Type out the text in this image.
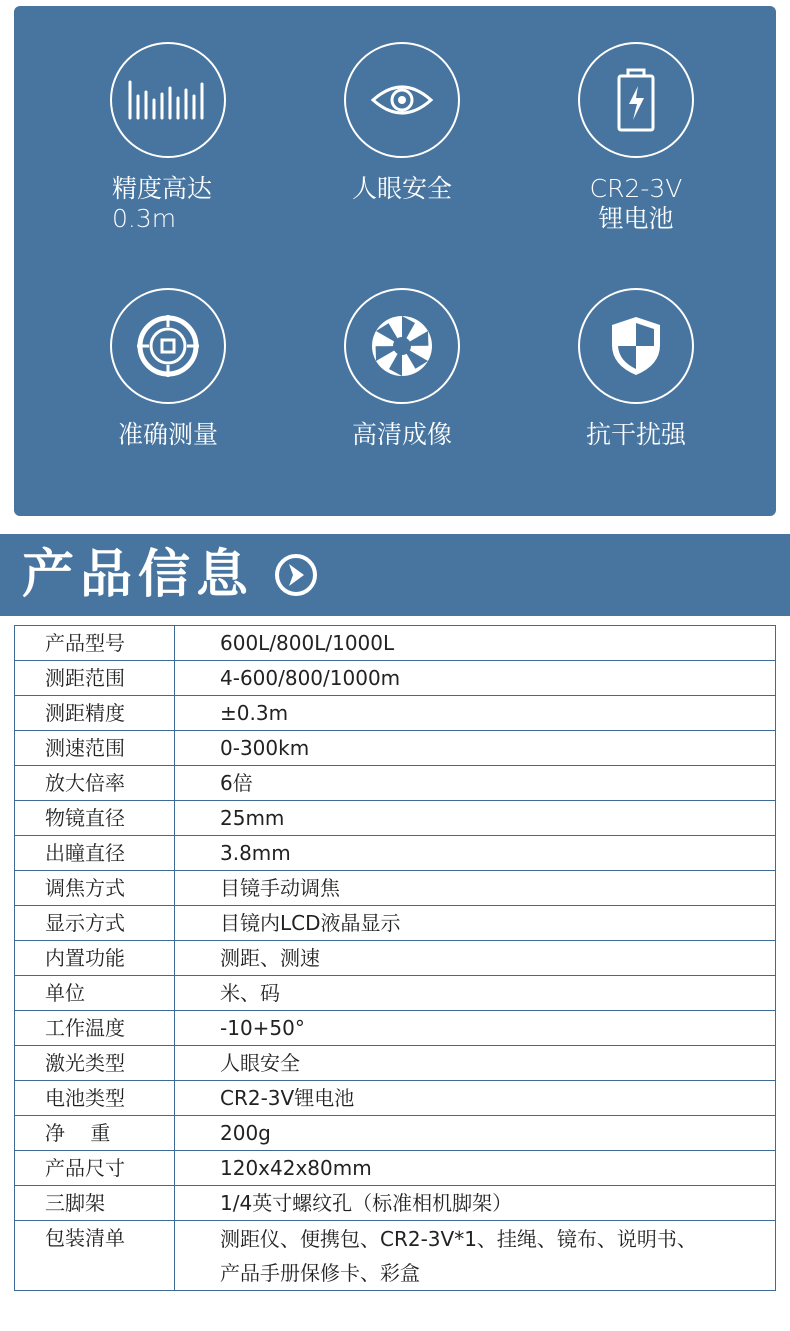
精度高达
0.3m
人眼安全	CR2-3V
锂电池
准确测量	高清成像	抗干扰强
产品信息
产品型号	600L/800L/1000L

测距范围	4-600/800/1000m

测距精度	±0.3m

测速范围	0-300km

放大倍率	6倍

物镜直径	25mm

出瞳直径	3.8mm

调焦方式	目镜手动调焦

显示方式	目镜内LCD液晶显示

内置功能	测距、测速

单位	米、码

工作温度	-10+50°

激光类型	人眼安全

电池类型	CR2-3V锂电池

净    重	200g

产品尺寸	120x42x80mm

三脚架	1/4英寸螺纹孔（标准相机脚架）

包装清单	测距仪、便携包、CR2-3V*1、挂绳、镜布、说明书、
产品手册保修卡、彩盒
